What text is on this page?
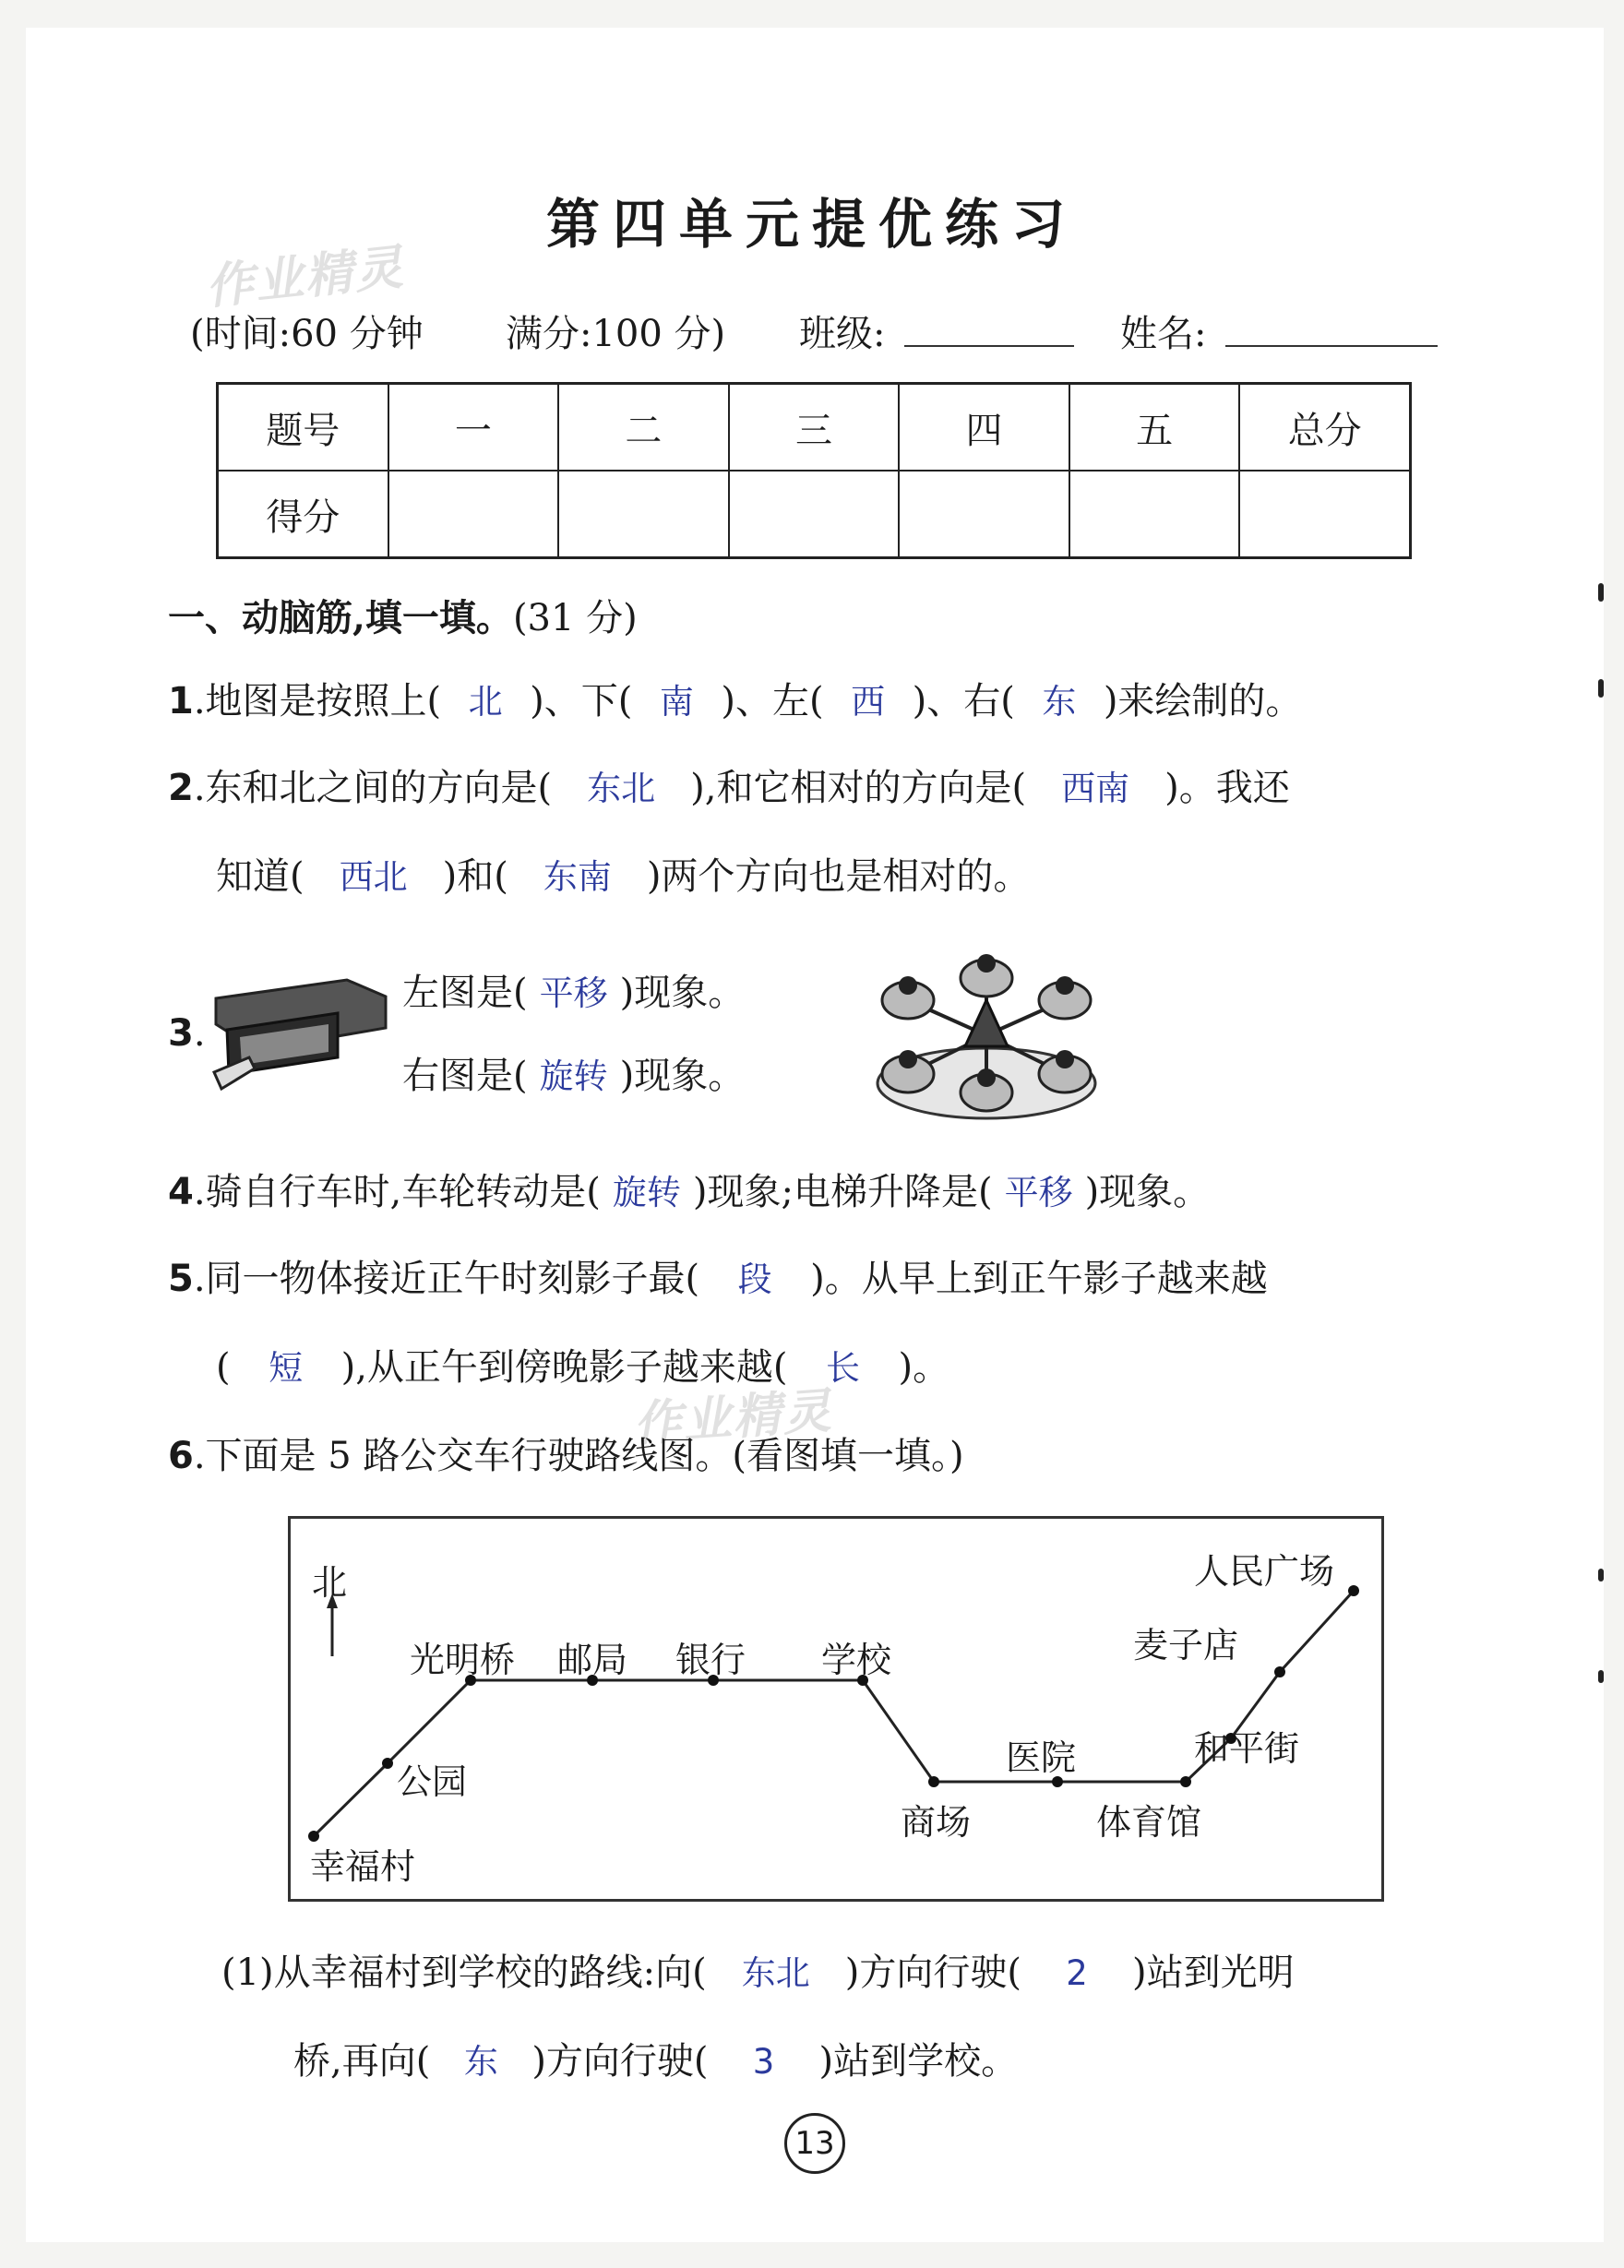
第四单元提优练习
作业精灵
(时间:60 分钟 满分:100 分) 班级:	姓名:
题号	一	二	三	四	五	总分
得分						
一、动脑筋,填一填。(31 分)
1.地图是按照上( 北 )、下( 南 )、左( 西 )、右( 东 )来绘制的。
2.东和北之间的方向是( 东北 ),和它相对的方向是( 西南 )。我还
知道( 西北 )和( 东南 )两个方向也是相对的。
3.
左图是( 平移 )现象。
右图是( 旋转 )现象。
4.骑自行车时,车轮转动是( 旋转 )现象;电梯升降是( 平移 )现象。
5.同一物体接近正午时刻影子最( 段 )。从早上到正午影子越来越
( 短 ),从正午到傍晚影子越来越( 长 )。
作业精灵
6.下面是 5 路公交车行驶路线图。(看图填一填。)
北
幸福村
公园
光明桥 邮局 银行 学校
商场
医院
体育馆
和平街
麦子店
人民广场
(1)从幸福村到学校的路线:向( 东北 )方向行驶( 2 )站到光明
桥,再向( 东 )方向行驶( 3 )站到学校。
13
